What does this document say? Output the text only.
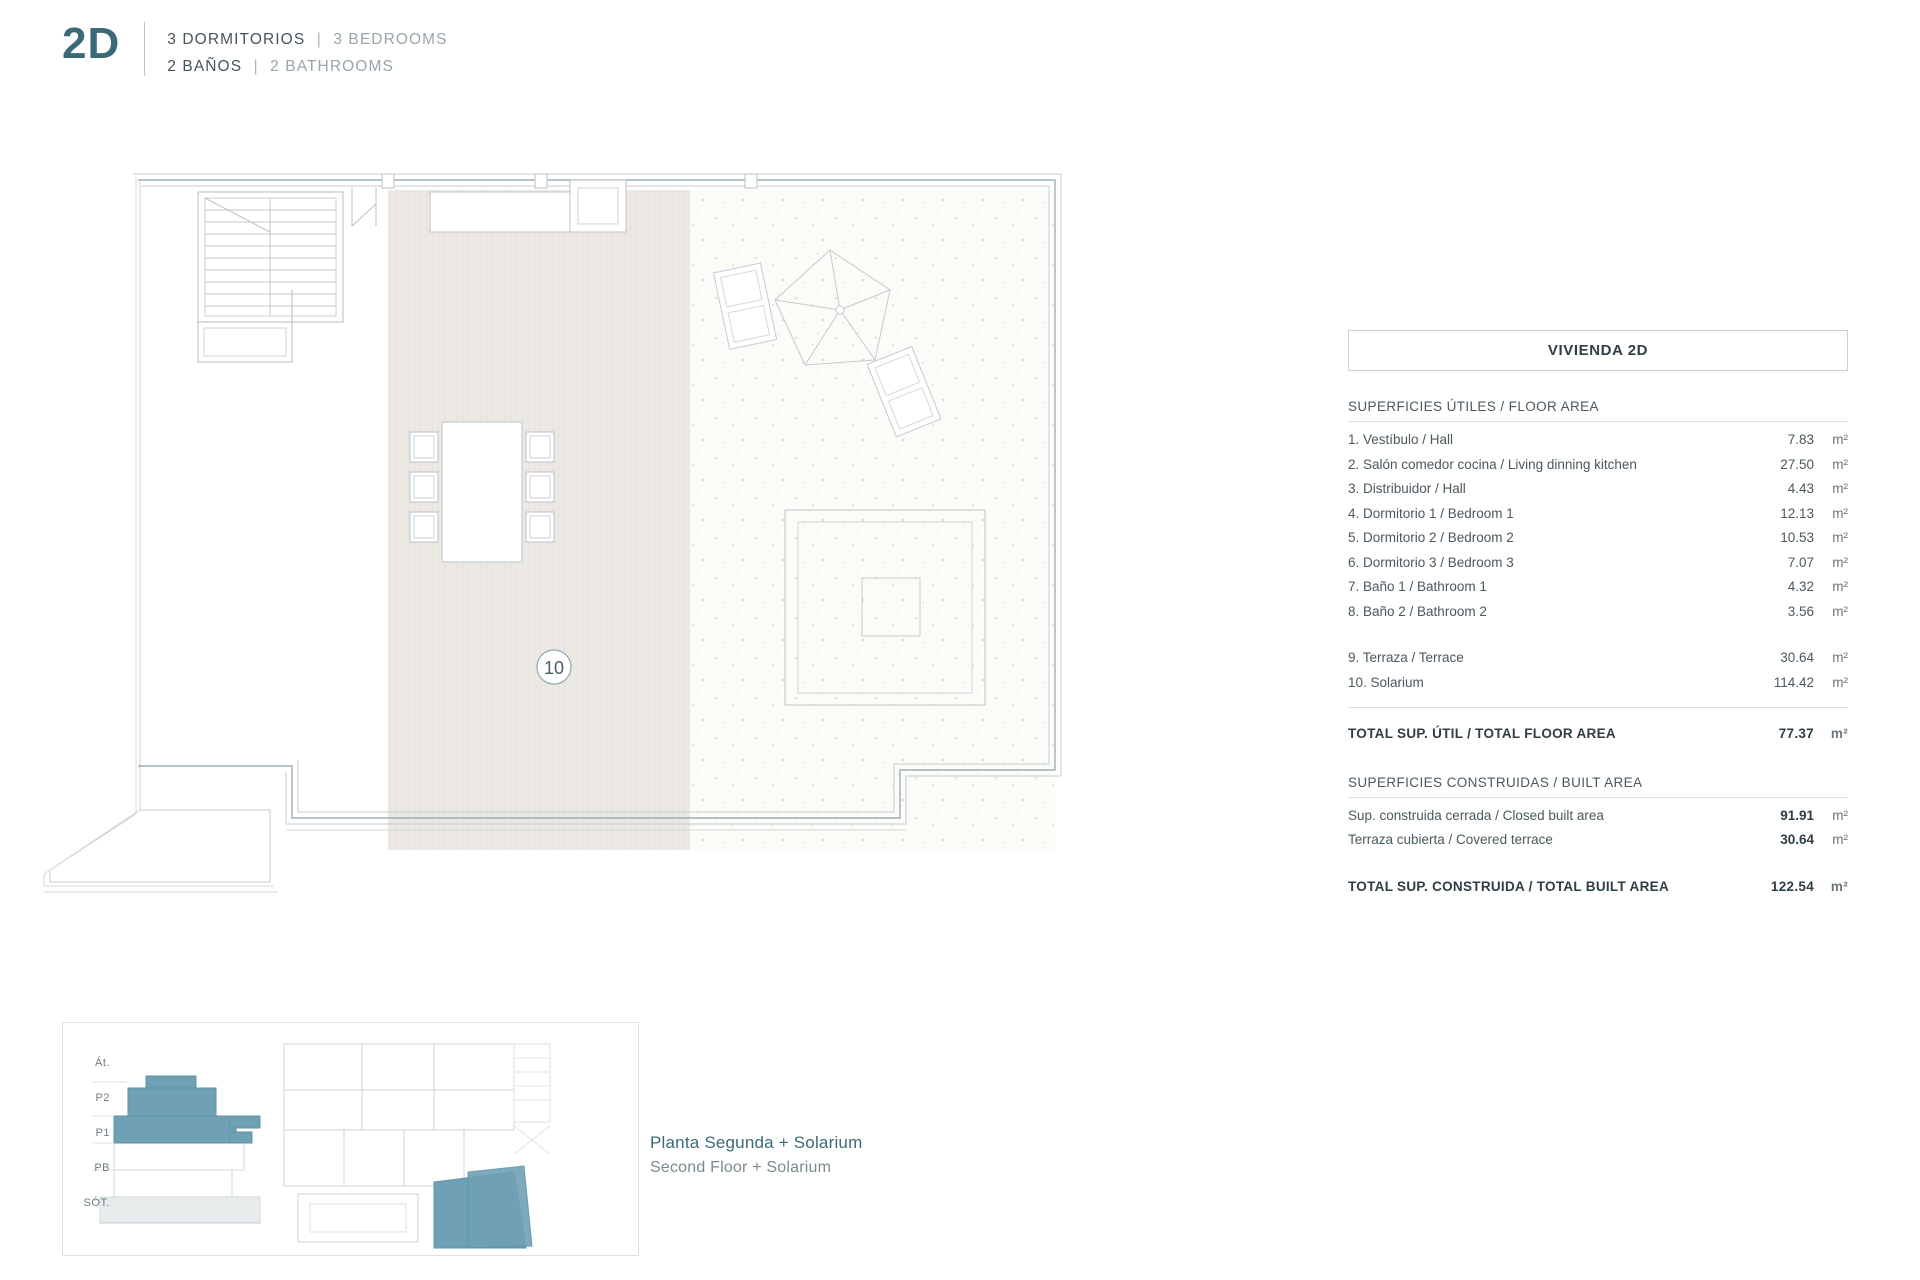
2D	3 DORMITORIOS | 3 BEDROOMS
2 BAÑOS | 2 BATHROOMS
10
VIVIENDA 2D
SUPERFICIES ÚTILES / FLOOR AREA
1. Vestíbulo / Hall	7.83	m²
2. Salón comedor cocina / Living dinning kitchen	27.50	m²
3. Distribuidor / Hall	4.43	m²
4. Dormitorio 1 / Bedroom 1	12.13	m²
5. Dormitorio 2 / Bedroom 2	10.53	m²
6. Dormitorio 3 / Bedroom 3	7.07	m²
7. Baño 1 / Bathroom 1	4.32	m²
8. Baño 2 / Bathroom 2	3.56	m²
9. Terraza / Terrace	30.64	m²
10. Solarium	114.42	m²
TOTAL SUP. ÚTIL / TOTAL FLOOR AREA	77.37	m²
SUPERFICIES CONSTRUIDAS / BUILT AREA
Sup. construida cerrada / Closed built area	91.91	m²
Terraza cubierta / Covered terrace	30.64	m²
TOTAL SUP. CONSTRUIDA / TOTAL BUILT AREA	122.54	m²
Át.
P2
P1
PB
SÓT.
Planta Segunda + Solarium
Second Floor + Solarium
